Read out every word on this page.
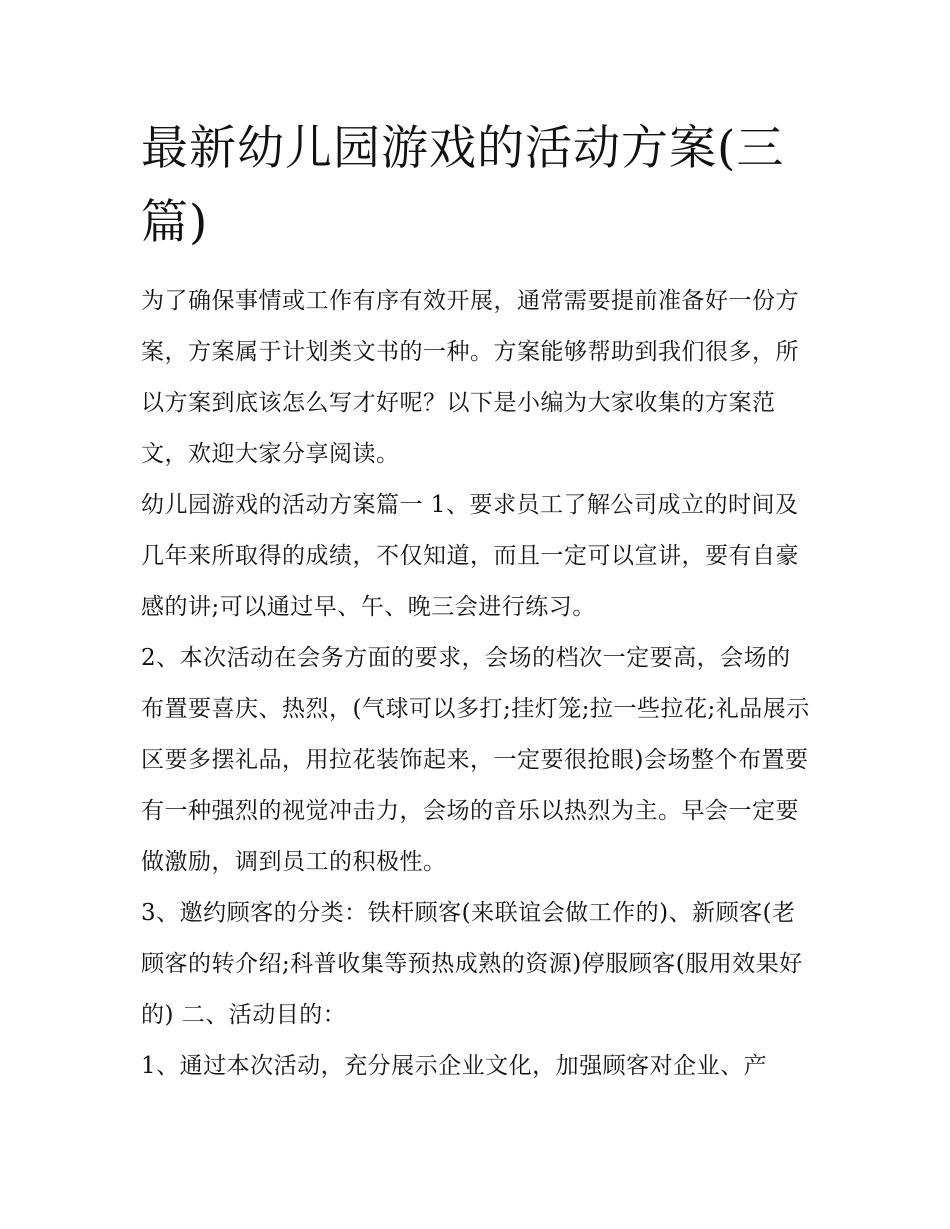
最新幼儿园游戏的活动方案(三篇)

为了确保事情或工作有序有效开展，通常需要提前准备好一份方案，方案属于计划类文书的一种。方案能够帮助到我们很多，所以方案到底该怎么写才好呢？以下是小编为大家收集的方案范文，欢迎大家分享阅读。

幼儿园游戏的活动方案篇一 1、要求员工了解公司成立的时间及几年来所取得的成绩，不仅知道，而且一定可以宣讲，要有自豪感的讲;可以通过早、午、晚三会进行练习。

2、本次活动在会务方面的要求，会场的档次一定要高，会场的布置要喜庆、热烈，(气球可以多打;挂灯笼;拉一些拉花;礼品展示区要多摆礼品，用拉花装饰起来，一定要很抢眼)会场整个布置要有一种强烈的视觉冲击力，会场的音乐以热烈为主。早会一定要做激励，调到员工的积极性。

3、邀约顾客的分类：铁杆顾客(来联谊会做工作的)、新顾客(老顾客的转介绍;科普收集等预热成熟的资源)停服顾客(服用效果好的) 二、活动目的：

1、通过本次活动，充分展示企业文化，加强顾客对企业、产
